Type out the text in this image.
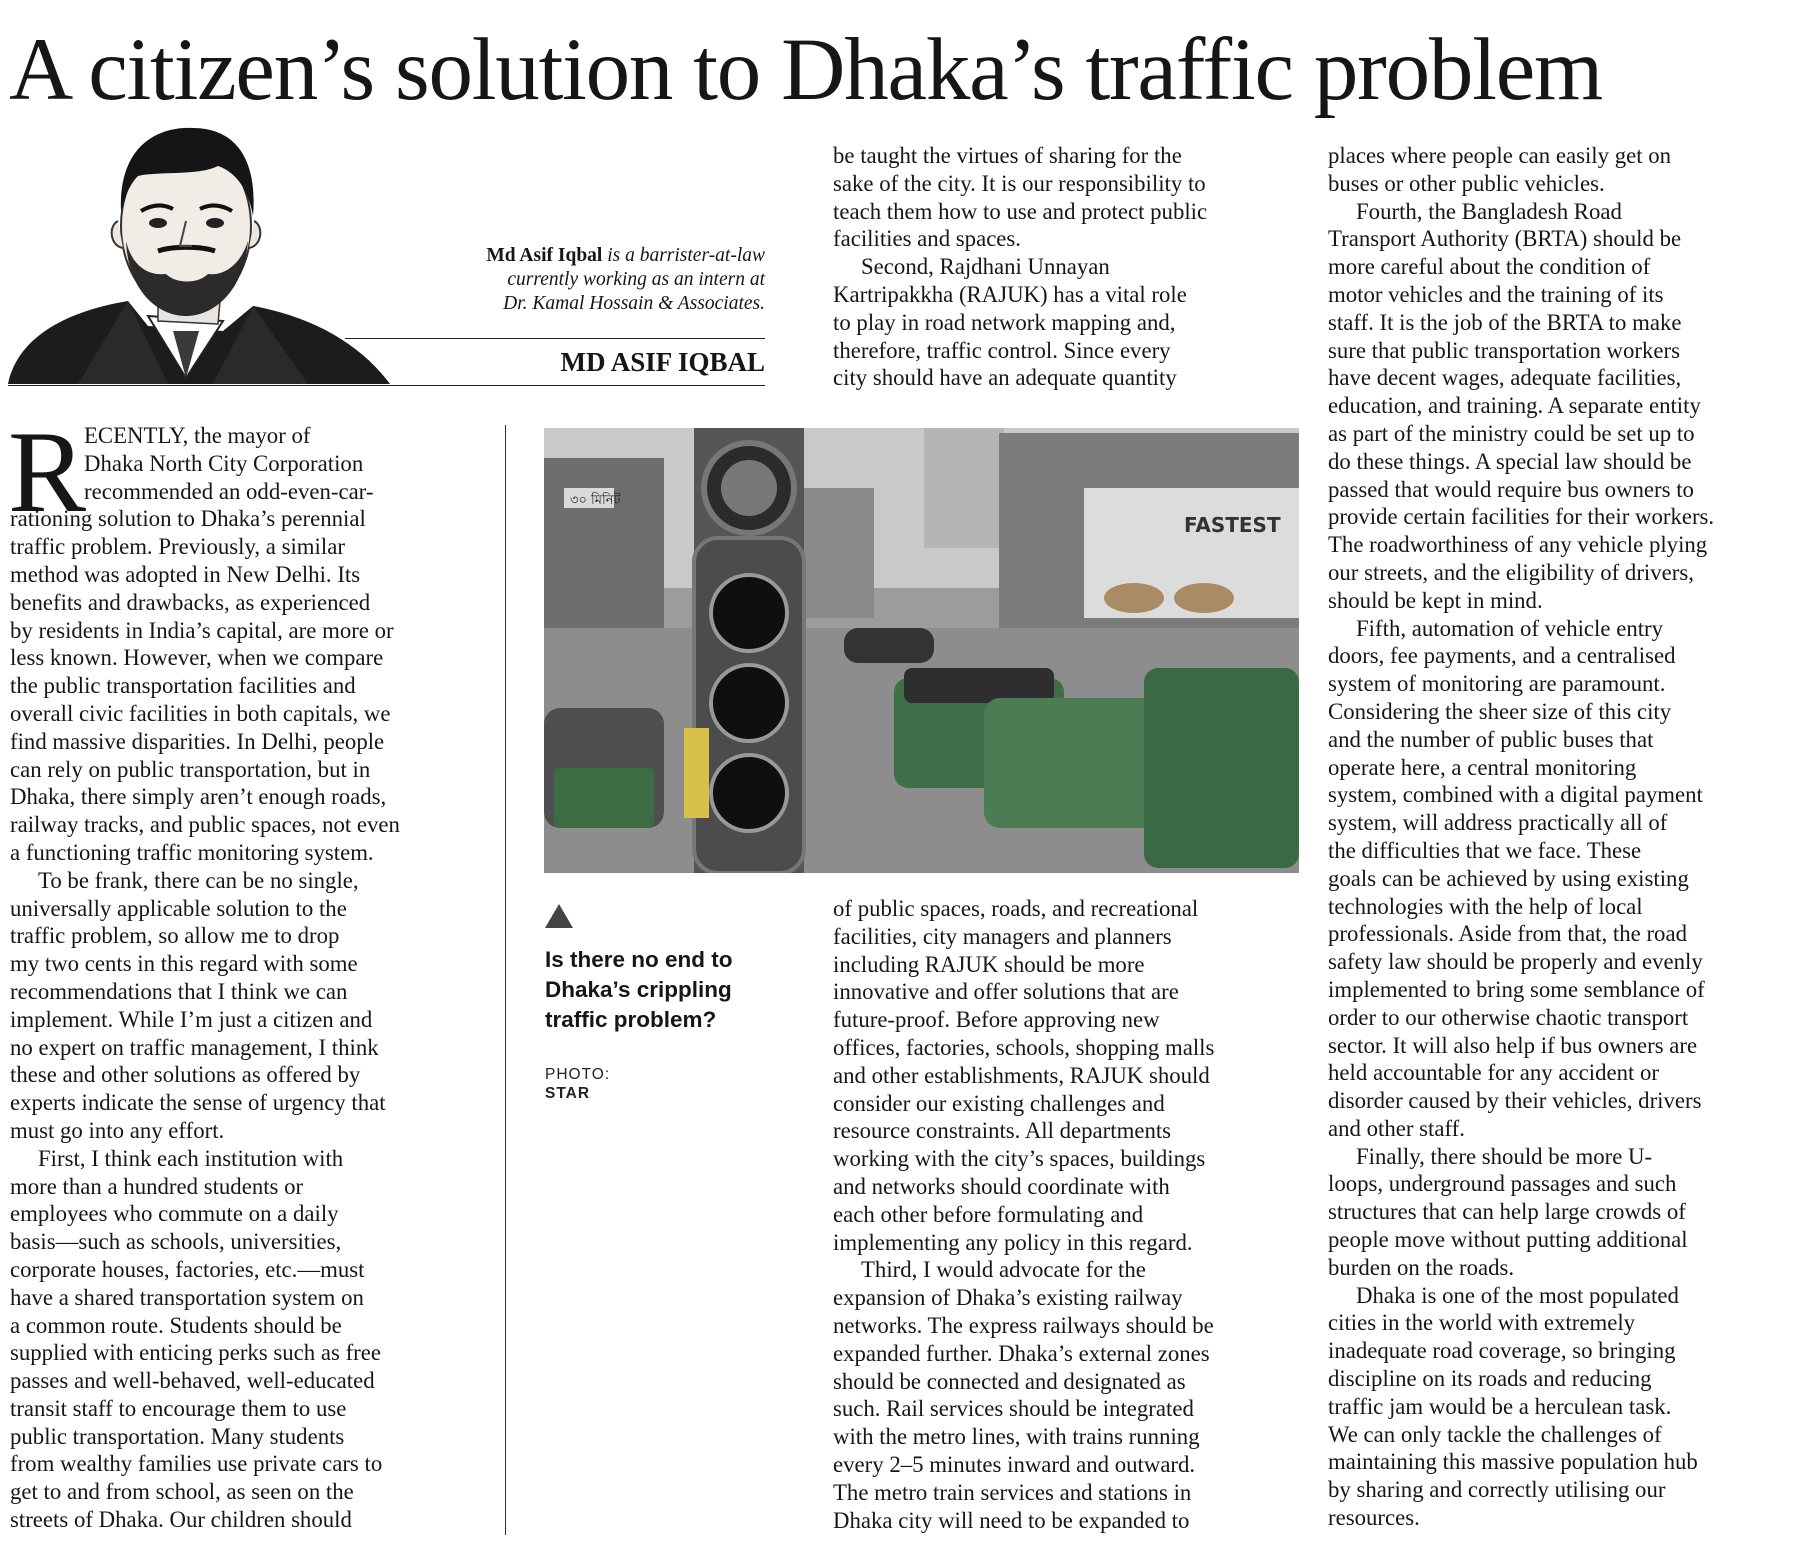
A citizen’s solution to Dhaka’s traffic problem
Md Asif Iqbal is a barrister-at-law
currently working as an intern at
Dr. Kamal Hossain & Associates.
MD ASIF IQBAL
R

ECENTLY, the mayor of

Dhaka North City Corporation

recommended an odd-even-car-

rationing solution to Dhaka’s perennial

traffic problem. Previously, a similar

method was adopted in New Delhi. Its

benefits and drawbacks, as experienced

by residents in India’s capital, are more or

less known. However, when we compare

the public transportation facilities and

overall civic facilities in both capitals, we

find massive disparities. In Delhi, people

can rely on public transportation, but in

Dhaka, there simply aren’t enough roads,

railway tracks, and public spaces, not even

a functioning traffic monitoring system.

To be frank, there can be no single,

universally applicable solution to the

traffic problem, so allow me to drop

my two cents in this regard with some

recommendations that I think we can

implement. While I’m just a citizen and

no expert on traffic management, I think

these and other solutions as offered by

experts indicate the sense of urgency that

must go into any effort.

First, I think each institution with

more than a hundred students or

employees who commute on a daily

basis—such as schools, universities,

corporate houses, factories, etc.—must

have a shared transportation system on

a common route. Students should be

supplied with enticing perks such as free

passes and well-behaved, well-educated

transit staff to encourage them to use

public transportation. Many students

from wealthy families use private cars to

get to and from school, as seen on the

streets of Dhaka. Our children should

be taught the virtues of sharing for the

sake of the city. It is our responsibility to

teach them how to use and protect public

facilities and spaces.

Second, Rajdhani Unnayan

Kartripakkha (RAJUK) has a vital role

to play in road network mapping and,

therefore, traffic control. Since every

city should have an adequate quantity

৩০ মিনিট
FASTEST
Is there no end to
Dhaka’s crippling
traffic problem?
PHOTO:
STAR

of public spaces, roads, and recreational

facilities, city managers and planners

including RAJUK should be more

innovative and offer solutions that are

future-proof. Before approving new

offices, factories, schools, shopping malls

and other establishments, RAJUK should

consider our existing challenges and

resource constraints. All departments

working with the city’s spaces, buildings

and networks should coordinate with

each other before formulating and

implementing any policy in this regard.

Third, I would advocate for the

expansion of Dhaka’s existing railway

networks. The express railways should be

expanded further. Dhaka’s external zones

should be connected and designated as

such. Rail services should be integrated

with the metro lines, with trains running

every 2–5 minutes inward and outward.

The metro train services and stations in

Dhaka city will need to be expanded to

places where people can easily get on

buses or other public vehicles.

Fourth, the Bangladesh Road

Transport Authority (BRTA) should be

more careful about the condition of

motor vehicles and the training of its

staff. It is the job of the BRTA to make

sure that public transportation workers

have decent wages, adequate facilities,

education, and training. A separate entity

as part of the ministry could be set up to

do these things. A special law should be

passed that would require bus owners to

provide certain facilities for their workers.

The roadworthiness of any vehicle plying

our streets, and the eligibility of drivers,

should be kept in mind.

Fifth, automation of vehicle entry

doors, fee payments, and a centralised

system of monitoring are paramount.

Considering the sheer size of this city

and the number of public buses that

operate here, a central monitoring

system, combined with a digital payment

system, will address practically all of

the difficulties that we face. These

goals can be achieved by using existing

technologies with the help of local

professionals. Aside from that, the road

safety law should be properly and evenly

implemented to bring some semblance of

order to our otherwise chaotic transport

sector. It will also help if bus owners are

held accountable for any accident or

disorder caused by their vehicles, drivers

and other staff.

Finally, there should be more U-

loops, underground passages and such

structures that can help large crowds of

people move without putting additional

burden on the roads.

Dhaka is one of the most populated

cities in the world with extremely

inadequate road coverage, so bringing

discipline on its roads and reducing

traffic jam would be a herculean task.

We can only tackle the challenges of

maintaining this massive population hub

by sharing and correctly utilising our

resources.
